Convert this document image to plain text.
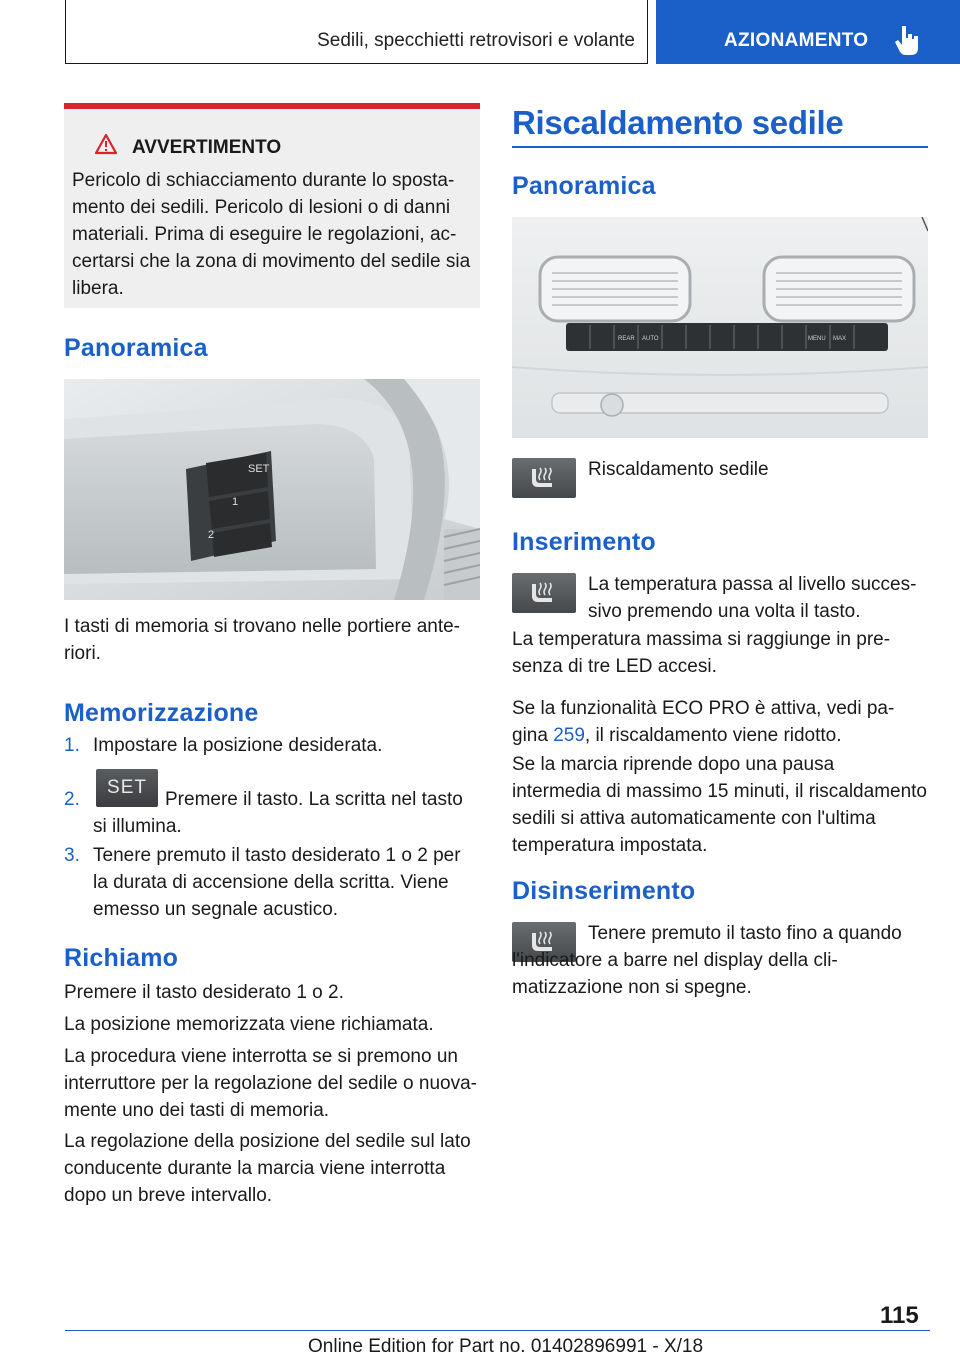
Sedili, specchietti retrovisori e volante	AZIONAMENTO
AVVERTIMENTO
Pericolo di schiacciamento durante lo sposta-mento dei sedili. Pericolo di lesioni o di danni materiali. Prima di eseguire le regolazioni, ac-certarsi che la zona di movimento del sedile sia libera.
Panoramica
SET
1
2
I tasti di memoria si trovano nelle portiere ante-riori.
Memorizzazione
1. Impostare la posizione desiderata.
2.
SET
Premere il tasto. La scritta nel tasto si illumina.
3. Tenere premuto il tasto desiderato 1 o 2 per la durata di accensione della scritta. Viene emesso un segnale acustico.
Richiamo
Premere il tasto desiderato 1 o 2.
La posizione memorizzata viene richiamata.
La procedura viene interrotta se si premono un interruttore per la regolazione del sedile o nuova-mente uno dei tasti di memoria.
La regolazione della posizione del sedile sul lato conducente durante la marcia viene interrotta dopo un breve intervallo.
Riscaldamento sedile
Panoramica
REAR AUTO	MENU MAX
Riscaldamento sedile
Inserimento
La temperatura passa al livello succes-sivo premendo una volta il tasto.
La temperatura massima si raggiunge in pre-senza di tre LED accesi.
Se la funzionalità ECO PRO è attiva, vedi pa-gina 259, il riscaldamento viene ridotto.
Se la marcia riprende dopo una pausa intermedia di massimo 15 minuti, il riscaldamento sedili si attiva automaticamente con l'ultima temperatura impostata.
Disinserimento
Tenere premuto il tasto fino a quando l'indicatore a barre nel display della cli-matizzazione non si spegne.
115
Online Edition for Part no. 01402896991 - X/18
